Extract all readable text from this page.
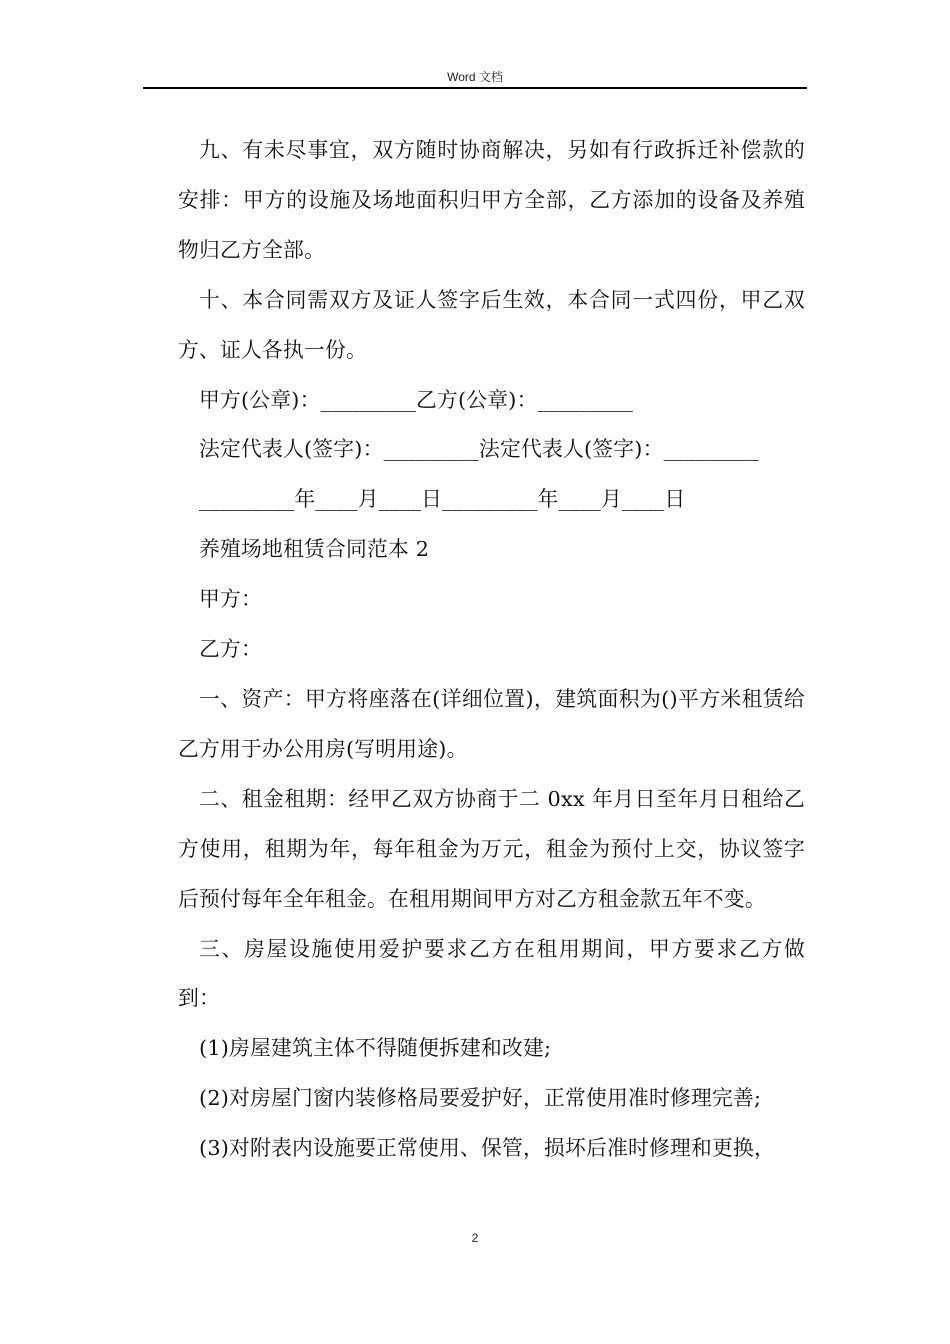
Word 文档

九、有未尽事宜，双方随时协商解决，另如有行政拆迁补偿款的安排：甲方的设施及场地面积归甲方全部，乙方添加的设备及养殖物归乙方全部。

十、本合同需双方及证人签字后生效，本合同一式四份，甲乙双方、证人各执一份。

甲方(公章)：_________乙方(公章)：_________

法定代表人(签字)：_________法定代表人(签字)：_________

_________年____月____日_________年____月____日

养殖场地租赁合同范本 2

甲方：

乙方：

一、资产：甲方将座落在(详细位置)，建筑面积为()平方米租赁给乙方用于办公用房(写明用途)。

二、租金租期：经甲乙双方协商于二 0xx 年月日至年月日租给乙方使用，租期为年，每年租金为万元，租金为预付上交，协议签字后预付每年全年租金。在租用期间甲方对乙方租金款五年不变。

三、房屋设施使用爱护要求乙方在租用期间，甲方要求乙方做到：

(1)房屋建筑主体不得随便拆建和改建;

(2)对房屋门窗内装修格局要爱护好，正常使用准时修理完善;

(3)对附表内设施要正常使用、保管，损坏后准时修理和更换，

2
